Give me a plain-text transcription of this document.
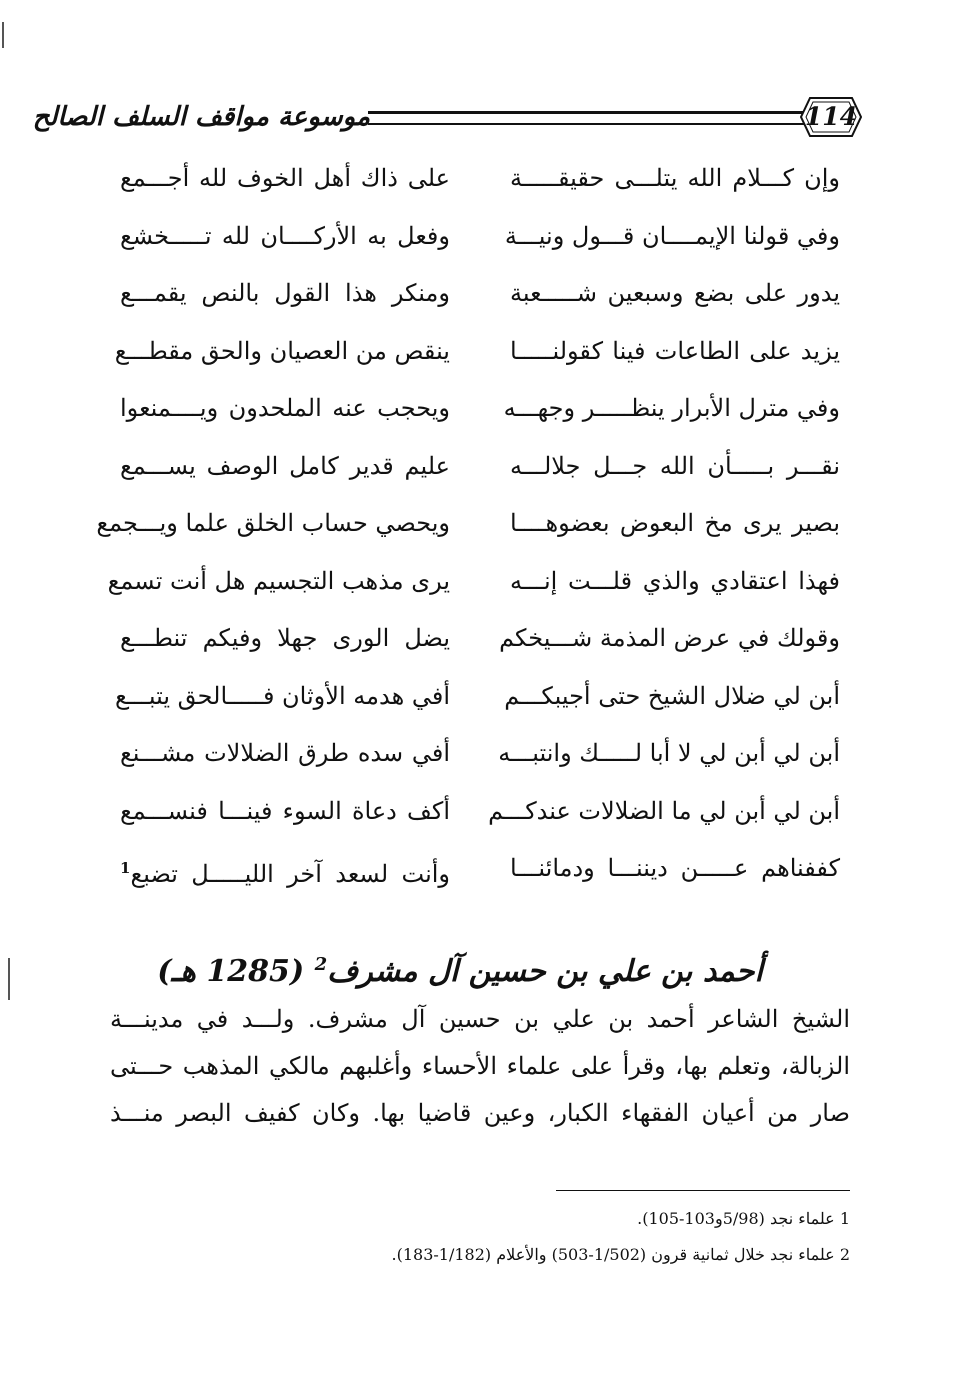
موسوعة مواقف السلف الصالح	114
وإن كـــلام الله يتلـــى حقيقـــــة
على ذاك أهل الخوف لله أجـــمع
وفي قولنا الإيمــــان قـــول ونيـــة
وفعل به الأركــــان لله تـــــخشع
يدور على بضع وسبعين شـــــعبة
ومنكر هذا القول بالنص يقمـــع
يزيد على الطاعات فينا كقولنـــــا
ينقص من العصيان والحق مقطـــع
وفي مترل الأبرار ينظـــــر وجهـــه
ويحجب عنه الملحدون ويــــمنعوا
نقـــر بـــــأن الله جـــل جلالـــه
عليم قدير كامل الوصف يســـمع
بصير يرى مخ البعوض بعضوهــــا
ويحصي حساب الخلق علما ويـــجمع
فهذا اعتقادي والذي قلـــت إنـــه
يرى مذهب التجسيم هل أنت تسمع
وقولك في عرض المذمة شـــيخكم
يضل الورى جهلا وفيكم تنطـــع
أبن لي ضلال الشيخ حتى أجيبكـــم
أفي هدمه الأوثان فـــــالحق يتبـــع
أبن لي أبن لي لا أبا لـــــك وانتبـــه
أفي سده طرق الضلالات مشـــنع
أبن لي أبن لي ما الضلالات عندكـــم
أكف دعاة السوء فينـــا فنســـمع
كففناهم عـــــن ديننـــا ودمائنـــا
وأنت لسعد آخر الليـــــل تضبع$^1$
أحمد بن علي بن حسين آل مشرف$^2$ (1285 هـ)
الشيخ الشاعر أحمد بن علي بن حسين آل مشرف. ولـــد في مدينـــة
الزبالة، وتعلم بها، وقرأ على علماء الأحساء وأغلبهم مالكي المذهب حـــتى
صار من أعيان الفقهاء الكبار، وعين قاضيا بها. وكان كفيف البصر منـــذ
1 علماء نجد (5/98و103-105).
2 علماء نجد خلال ثمانية قرون (1/502-503) والأعلام (1/182-183).
